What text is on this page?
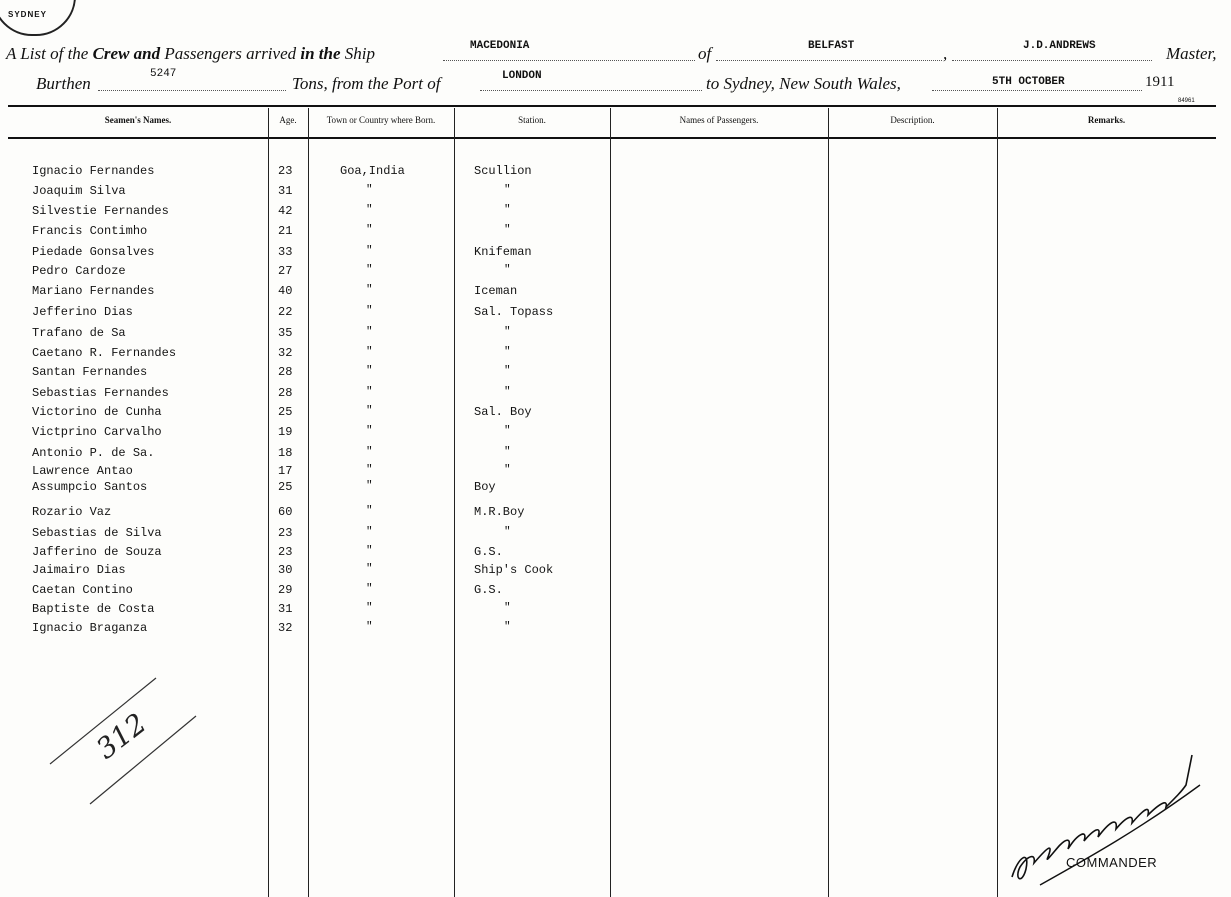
SYDNEY
A List of the Crew and Passengers arrived in the Ship	MACEDONIA	of	BELFAST	,	J.D.ANDREWS	Master,
Burthen	5247	Tons, from the Port of	LONDON	to Sydney, New South Wales,	5TH OCTOBER	1911
84961
Seamen's Names.	Age.	Town or Country where Born.	Station.	Names of Passengers.	Description.	Remarks.
Ignacio Fernandes	23	Goa,India	Scullion
Joaquim Silva	31	"	"
Silvestie Fernandes	42	"	"
Francis Contimho	21	"	"
Piedade Gonsalves	33	"	Knifeman
Pedro Cardoze	27	"	"
Mariano Fernandes	40	"	Iceman
Jefferino Dias	22	"	Sal. Topass
Trafano de Sa	35	"	"
Caetano R. Fernandes	32	"	"
Santan Fernandes	28	"	"
Sebastias Fernandes	28	"	"
Victorino de Cunha	25	"	Sal. Boy
Victprino Carvalho	19	"	"
Antonio P. de Sa.	18	"	"
Lawrence Antao	17	"	"
Assumpcio Santos	25	"	Boy
Rozario Vaz	60	"	M.R.Boy
Sebastias de Silva	23	"	"
Jafferino de Souza	23	"	G.S.
Jaimairo Dias	30	"	Ship's Cook
Caetan Contino	29	"	G.S.
Baptiste de Costa	31	"	"
Ignacio Braganza	32	"	"
312
COMMANDER
